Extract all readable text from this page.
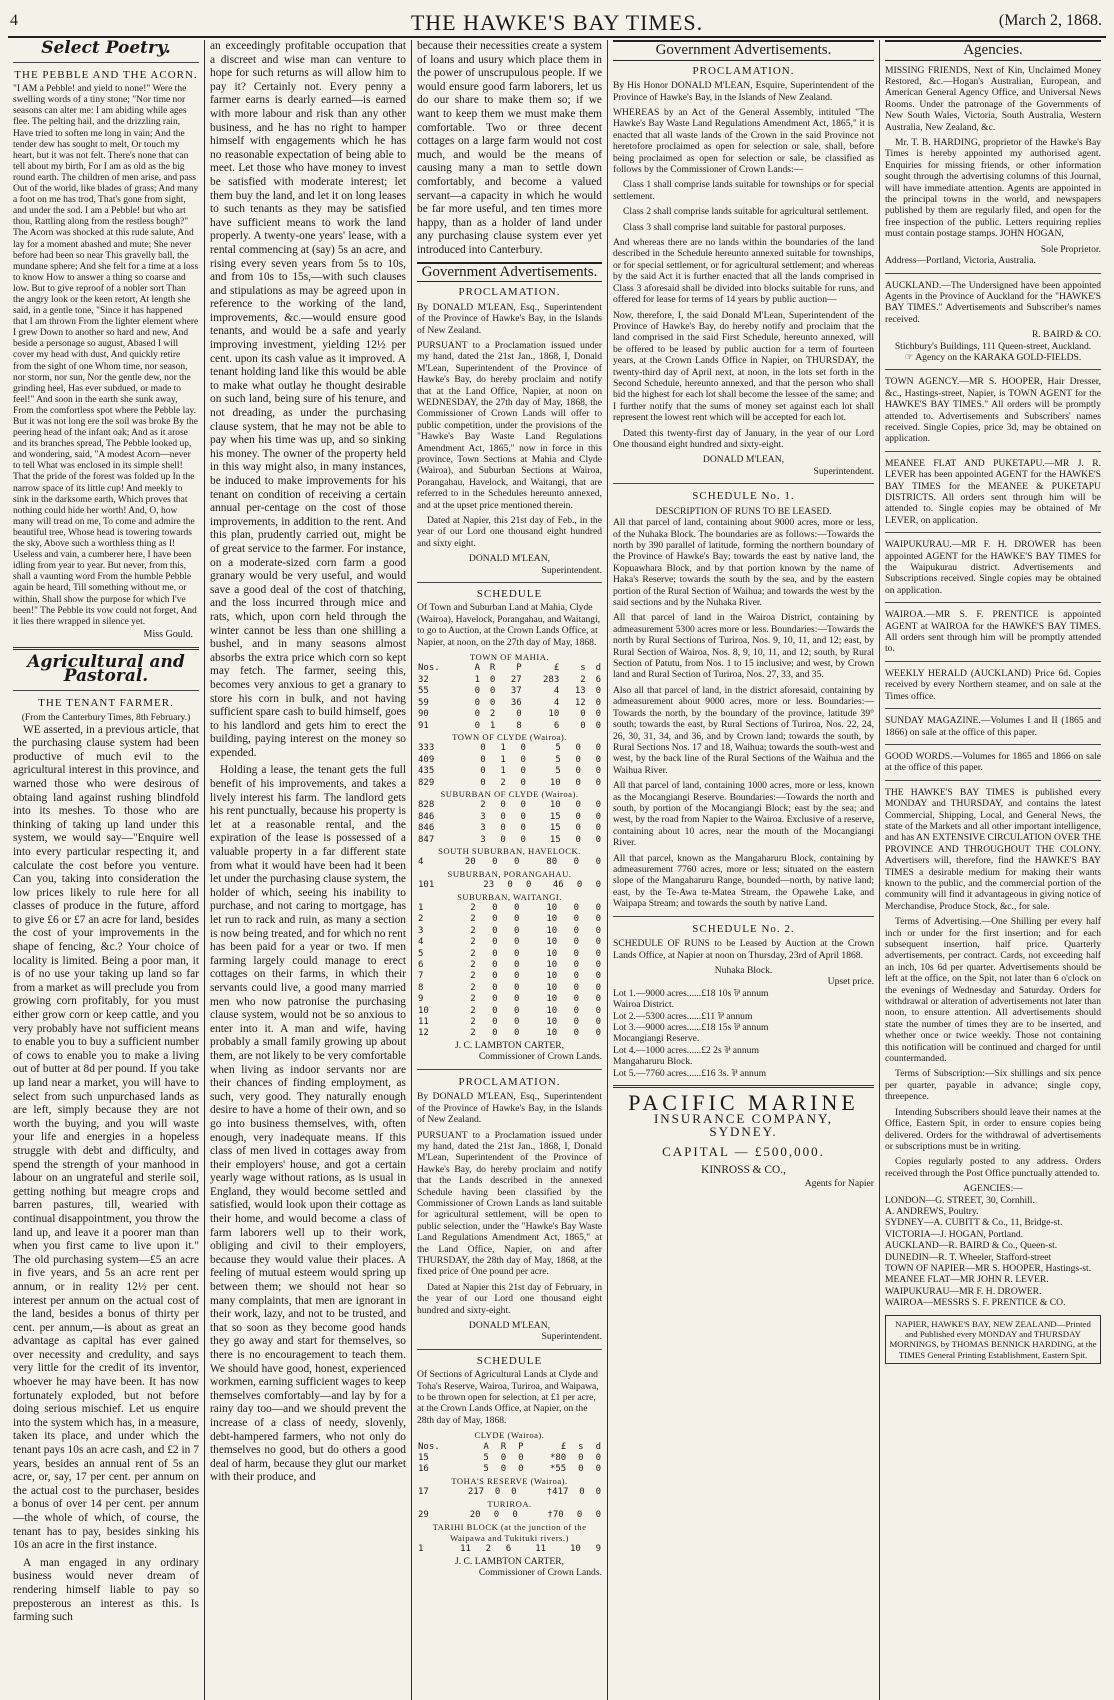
4	THE HAWKE'S BAY TIMES.	(March 2, 1868.
Select Poetry.
THE PEBBLE AND THE ACORN.
"I AM a Pebble! and yield to none!" Were the swelling words of a tiny stone; "Nor time nor seasons can alter me: I am abiding while ages flee. The pelting hail, and the drizzling rain, Have tried to soften me long in vain; And the tender dew has sought to melt, Or touch my heart, but it was not felt. There's none that can tell about my birth, For I am as old as the big round earth. The children of men arise, and pass Out of the world, like blades of grass; And many a foot on me has trod, That's gone from sight, and under the sod. I am a Pebble! but who art thou, Rattling along from the restless bough?" The Acorn was shocked at this rude salute, And lay for a moment abashed and mute; She never before had been so near This gravelly ball, the mundane sphere; And she felt for a time at a loss to know How to answer a thing so coarse and low. But to give reproof of a nobler sort Than the angry look or the keen retort, At length she said, in a gentle tone, "Since it has happened that I am thrown From the lighter element where I grew Down to another so hard and new, And beside a personage so august, Abased I will cover my head with dust, And quickly retire from the sight of one Whom time, nor season, nor storm, nor sun, Nor the gentle dew, nor the grinding heel, Has ever subdued, or made to feel!" And soon in the earth she sunk away, From the comfortless spot where the Pebble lay. But it was not long ere the soil was broke By the peering head of the infant oak; And as it arose and its branches spread, The Pebble looked up, and wondering, said, "A modest Acorn—never to tell What was enclosed in its simple shell! That the pride of the forest was folded up In the narrow space of its little cup! And meekly to sink in the darksome earth, Which proves that nothing could hide her worth! And, O, how many will tread on me, To come and admire the beautiful tree, Whose head is towering towards the sky, Above such a worthless thing as I! Useless and vain, a cumberer here, I have been idling from year to year. But never, from this, shall a vaunting word From the humble Pebble again be heard, Till something without me, or within, Shall show the purpose for which I've been!" The Pebble its vow could not forget, And it lies there wrapped in silence yet.
Miss Gould.
Agricultural and Pastoral.
THE TENANT FARMER.
(From the Canterbury Times, 8th February.)

WE asserted, in a previous article, that the purchasing clause system had been productive of much evil to the agricultural interest in this province, and warned those who were desirous of obtaing land against rushing blindfold into its meshes. To those who are thinking of taking up land under this system, we would say—"Enquire well into every particular respecting it, and calculate the cost before you venture. Can you, taking into consideration the low prices likely to rule here for all classes of produce in the future, afford to give £6 or £7 an acre for land, besides the cost of your improvements in the shape of fencing, &c.? Your choice of locality is limited. Being a poor man, it is of no use your taking up land so far from a market as will preclude you from growing corn profitably, for you must either grow corn or keep cattle, and you very probably have not sufficient means to enable you to buy a sufficient number of cows to enable you to make a living out of butter at 8d per pound. If you take up land near a market, you will have to select from such unpurchased lands as are left, simply because they are not worth the buying, and you will waste your life and energies in a hopeless struggle with debt and difficulty, and spend the strength of your manhood in labour on an ungrateful and sterile soil, getting nothing but meagre crops and barren pastures, till, wearied with continual disappointment, you throw the land up, and leave it a poorer man than when you first came to live upon it." The old purchasing system—£5 an acre in five years, and 5s an acre rent per annum, or in reality 12½ per cent. interest per annum on the actual cost of the land, besides a bonus of thirty per cent. per annum,—is about as great an advantage as capital has ever gained over necessity and credulity, and says very little for the credit of its inventor, whoever he may have been. It has now fortunately exploded, but not before doing serious mischief. Let us enquire into the system which has, in a measure, taken its place, and under which the tenant pays 10s an acre cash, and £2 in 7 years, besides an annual rent of 5s an acre, or, say, 17 per cent. per annum on the actual cost to the purchaser, besides a bonus of over 14 per cent. per annum—the whole of which, of course, the tenant has to pay, besides sinking his 10s an acre in the first instance.

A man engaged in any ordinary business would never dream of rendering himself liable to pay so preposterous an interest as this. Is farming such

an exceedingly profitable occupation that a discreet and wise man can venture to hope for such returns as will allow him to pay it? Certainly not. Every penny a farmer earns is dearly earned—is earned with more labour and risk than any other business, and he has no right to hamper himself with engagements which he has no reasonable expectation of being able to meet. Let those who have money to invest be satisfied with moderate interest; let them buy the land, and let it on long leases to such tenants as they may be satisfied have sufficient means to work the land properly. A twenty-one years' lease, with a rental commencing at (say) 5s an acre, and rising every seven years from 5s to 10s, and from 10s to 15s,—with such clauses and stipulations as may be agreed upon in reference to the working of the land, improvements, &c.—would ensure good tenants, and would be a safe and yearly improving investment, yielding 12½ per cent. upon its cash value as it improved. A tenant holding land like this would be able to make what outlay he thought desirable on such land, being sure of his tenure, and not dreading, as under the purchasing clause system, that he may not be able to pay when his time was up, and so sinking his money. The owner of the property held in this way might also, in many instances, be induced to make improvements for his tenant on condition of receiving a certain annual per-centage on the cost of those improvements, in addition to the rent. And this plan, prudently carried out, might be of great service to the farmer. For instance, on a moderate-sized corn farm a good granary would be very useful, and would save a good deal of the cost of thatching, and the loss incurred through mice and rats, which, upon corn held through the winter cannot be less than one shilling a bushel, and in many seasons almost absorbs the extra price which corn so kept may fetch. The farmer, seeing this, becomes very anxious to get a granary to store his corn in bulk, and not having sufficient spare cash to build himself, goes to his landlord and gets him to erect the building, paying interest on the money so expended.

Holding a lease, the tenant gets the full benefit of his improvements, and takes a lively interest his farm. The landlord gets his rent punctually, because his property is let at a reasonable rental, and the expiration of the lease is possessed of a valuable property in a far different state from what it would have been had it been let under the purchasing clause system, the holder of which, seeing his inability to purchase, and not caring to mortgage, has let run to rack and ruin, as many a section is now being treated, and for which no rent has been paid for a year or two. If men farming largely could manage to erect cottages on their farms, in which their servants could live, a good many married men who now patronise the purchasing clause system, would not be so anxious to enter into it. A man and wife, having probably a small family growing up about them, are not likely to be very comfortable when living as indoor servants nor are their chances of finding employment, as such, very good. They naturally enough desire to have a home of their own, and so go into business themselves, with, often enough, very inadequate means. If this class of men lived in cottages away from their employers' house, and got a certain yearly wage without rations, as is usual in England, they would become settled and satisfied, would look upon their cottage as their home, and would become a class of farm laborers well up to their work, obliging and civil to their employers, because they would value their places. A feeling of mutual esteem would spring up between them; we should not hear so many complaints, that men are ignorant in their work, lazy, and not to be trusted, and that so soon as they become good hands they go away and start for themselves, so there is no encouragement to teach them. We should have good, honest, experienced workmen, earning sufficient wages to keep themselves comfortably—and lay by for a rainy day too—and we should prevent the increase of a class of needy, slovenly, debt-hampered farmers, who not only do themselves no good, but do others a good deal of harm, because they glut our market with their produce, and

because their necessities create a system of loans and usury which place them in the power of unscrupulous people. If we would ensure good farm laborers, let us do our share to make them so; if we want to keep them we must make them comfortable. Two or three decent cottages on a large farm would not cost much, and would be the means of causing many a man to settle down comfortably, and become a valued servant—a capacity in which he would be far more useful, and ten times more happy, than as a holder of land under any purchasing clause system ever yet introduced into Canterbury.

Government Advertisements.
PROCLAMATION.

By DONALD M'LEAN, Esq., Superintendent of the Province of Hawke's Bay, in the Islands of New Zealand.

PURSUANT to a Proclamation issued under my hand, dated the 21st Jan., 1868, I, Donald M'Lean, Superintendent of the Province of Hawke's Bay, do hereby proclaim and notify that at the Land Office, Napier, at noon on WEDNESDAY, the 27th day of May, 1868, the Commissioner of Crown Lands will offer to public competition, under the provisions of the "Hawke's Bay Waste Land Regulations Amendment Act, 1865," now in force in this province, Town Sections at Mahia and Clyde (Wairoa), and Suburban Sections at Wairoa, Porangahau, Havelock, and Waitangi, that are referred to in the Schedules hereunto annexed, and at the upset price mentioned therein.

Dated at Napier, this 21st day of Feb., in the year of our Lord one thousand eight hundred and sixty eight.

DONALD M'LEAN,
Superintendent.
SCHEDULE

Of Town and Suburban Land at Mahia, Clyde (Wairoa), Havelock, Porangahau, and Waitangi, to go to Auction, at the Crown Lands Office, at Napier, at noon, on the 27th day of May, 1868.

TOWN OF MAHIA.
Nos.	A	R	P	£	s	d
32	1	0	27	283	2	6
55	0	0	37	4	13	0
59	0	0	36	4	12	0
90	0	2	0	10	0	0
91	0	1	8	6	0	0
TOWN OF CLYDE (Wairoa).
333	0	1	0	5	0	0
409	0	1	0	5	0	0
435	0	1	0	5	0	0
829	0	2	0	10	0	0
SUBURBAN OF CLYDE (Wairoa).
828	2	0	0	10	0	0
846	3	0	0	15	0	0
846	3	0	0	15	0	0
847	3	0	0	15	0	0
SOUTH SUBURBAN, HAVELOCK.
4	20	0	0	80	0	0
SUBURBAN, PORANGAHAU.
101	23	0	0	46	0	0
SUBURBAN, WAITANGI.
1	2	0	0	10	0	0
2	2	0	0	10	0	0
3	2	0	0	10	0	0
4	2	0	0	10	0	0
5	2	0	0	10	0	0
6	2	0	0	10	0	0
7	2	0	0	10	0	0
8	2	0	0	10	0	0
9	2	0	0	10	0	0
10	2	0	0	10	0	0
11	2	0	0	10	0	0
12	2	0	0	10	0	0
J. C. LAMBTON CARTER,
Commissioner of Crown Lands.
PROCLAMATION.

By DONALD M'LEAN, Esq., Superintendent of the Province of Hawke's Bay, in the Islands of New Zealand.

PURSUANT to a Proclamation issued under my hand, dated the 21st Jan., 1868, I, Donald M'Lean, Superintendent of the Province of Hawke's Bay, do hereby proclaim and notify that the Lands described in the annexed Schedule having been classified by the Commissioner of Crown Lands as land suitable for agricultural settlement, will be open to public selection, under the "Hawke's Bay Waste Land Regulations Amendment Act, 1865," at the Land Office, Napier, on and after THURSDAY, the 28th day of May, 1868, at the fixed price of One pound per acre.

Dated at Napier this 21st day of February, in the year of our Lord one thousand eight hundred and sixty-eight.

DONALD M'LEAN,
Superintendent.
SCHEDULE

Of Sections of Agricultural Lands at Clyde and Toha's Reserve, Wairoa, Turiroa, and Waipawa, to be thrown open for selection, at £1 per acre, at the Crown Lands Office, at Napier, on the 28th day of May, 1868.

CLYDE (Wairoa).
Nos.	A	R	P	£	s	d
15	5	0	0	*80	0	0
16	5	0	0	*55	0	0
TOHA'S RESERVE (Wairoa).
17	217	0	0	†417	0	0
TURIROA.
29	20	0	0	†70	0	0
TARIHI BLOCK (at the junction of the Waipawa and Tukituki rivers.)
1	11	2	6	11	10	9
J. C. LAMBTON CARTER,
Commissioner of Crown Lands.
Government Advertisements.
PROCLAMATION.

By His Honor DONALD M'LEAN, Esquire, Superintendent of the Province of Hawke's Bay, in the Islands of New Zealand.

WHEREAS by an Act of the General Assembly, intituled "The Hawke's Bay Waste Land Regulations Amendment Act, 1865," it is enacted that all waste lands of the Crown in the said Province not heretofore proclaimed as open for selection or sale, shall, before being proclaimed as open for selection or sale, be classified as follows by the Commissioner of Crown Lands:—

Class 1 shall comprise lands suitable for townships or for special settlement.

Class 2 shall comprise lands suitable for agricultural settlement.

Class 3 shall comprise land suitable for pastoral purposes.

And whereas there are no lands within the boundaries of the land described in the Schedule hereunto annexed suitable for townships, or for special settlement, or for agricultural settlement; and whereas by the said Act it is further enacted that all the lands comprised in Class 3 aforesaid shall be divided into blocks suitable for runs, and offered for lease for terms of 14 years by public auction—

Now, therefore, I, the said Donald M'Lean, Superintendent of the Province of Hawke's Bay, do hereby notify and proclaim that the land comprised in the said First Schedule, hereunto annexed, will be offered to be leased by public auction for a term of fourteen years, at the Crown Lands Office in Napier, on THURSDAY, the twenty-third day of April next, at noon, in the lots set forth in the Second Schedule, hereunto annexed, and that the person who shall bid the highest for each lot shall become the lessee of the same; and I further notify that the sums of money set against each lot shall represent the lowest rent which will be accepted for each lot.

Dated this twenty-first day of January, in the year of our Lord One thousand eight hundred and sixty-eight.

DONALD M'LEAN,
Superintendent.
SCHEDULE No. 1.
DESCRIPTION OF RUNS TO BE LEASED.

All that parcel of land, containing about 9000 acres, more or less, of the Nuhaka Block. The boundaries are as follows:—Towards the north by 390 parallel of latitude, forming the northern boundary of the Province of Hawke's Bay; towards the east by native land, the Kopuawhara Block, and by that portion known by the name of Haka's Reserve; towards the south by the sea, and by the eastern portion of the Rural Section of Waihua; and towards the west by the said sections and by the Nuhaka River.

All that parcel of land in the Wairoa District, containing by admeasurement 5300 acres more or less. Boundaries:—Towards the north by Rural Sections of Turiroa, Nos. 9, 10, 11, and 12; east, by Rural Section of Wairoa, Nos. 8, 9, 10, 11, and 12; south, by Rural Section of Patutu, from Nos. 1 to 15 inclusive; and west, by Crown land and Rural Section of Turiroa, Nos. 27, 33, and 35.

Also all that parcel of land, in the district aforesaid, containing by admeasurement about 9000 acres, more or less. Boundaries:—Towards the north, by the boundary of the province, latitude 39° south; towards the east, by Rural Sections of Turiroa, Nos. 22, 24, 26, 30, 31, 34, and 36, and by Crown land; towards the south, by Rural Sections Nos. 17 and 18, Waihua; towards the south-west and west, by the back line of the Rural Sections of the Waihua and the Waihua River.

All that parcel of land, containing 1000 acres, more or less, known as the Mocangiangi Reserve. Boundaries:—Towards the north and south, by portion of the Mocangiangi Block; east by the sea; and west, by the road from Napier to the Wairoa. Exclusive of a reserve, containing about 10 acres, near the mouth of the Mocangiangi River.

All that parcel, known as the Mangaharuru Block, containing by admeasurement 7760 acres, more or less; situated on the eastern slope of the Mangaharuru Range, bounded—north, by native land; east, by the Te-Awa te-Matea Stream, the Opawehe Lake, and Waipapa Stream; and towards the south by native Land.

SCHEDULE No. 2.

SCHEDULE OF RUNS to be Leased by Auction at the Crown Lands Office, at Napier at noon on Thursday, 23rd of April 1868.

Nuhaka Block.
Upset price.
Lot 1.—9000 acres......£18 10s ⅌ annum
Wairoa District.
Lot 2.—5300 acres......£11 ⅌ annum
Lot 3.—9000 acres......£18 15s ⅌ annum
Mocangiangi Reserve.
Lot 4.—1000 acres......£2 2s ⅌ annum
Mangaharuru Block.
Lot 5.—7760 acres......£16 3s. ⅌ annum
PACIFIC MARINE
INSURANCE COMPANY,
SYDNEY.
CAPITAL — £500,000.
KINROSS & CO.,
Agents for Napier
Agencies.

MISSING FRIENDS, Next of Kin, Unclaimed Money Restored, &c.—Hogan's Australian, European, and American General Agency Office, and Universal News Rooms. Under the patronage of the Governments of New South Wales, Victoria, South Australia, Western Australia, New Zealand, &c.

Mr. T. B. HARDING, proprietor of the Hawke's Bay Times is hereby appointed my authorised agent. Enquiries for missing friends, or other information sought through the advertising columns of this Journal, will have immediate attention. Agents are appointed in the principal towns in the world, and newspapers published by them are regularly filed, and open for the free inspection of the public. Letters requiring replies must contain postage stamps. JOHN HOGAN,

Sole Proprietor.
Address—Portland, Victoria, Australia.

AUCKLAND.—The Undersigned have been appointed Agents in the Province of Auckland for the "HAWKE'S BAY TIMES." Advertisements and Subscriber's names received.

R. BAIRD & CO.
Stichbury's Buildings, 111 Queen-street, Auckland.
☞ Agency on the KARAKA GOLD-FIELDS.

TOWN AGENCY.—MR S. HOOPER, Hair Dresser, &c., Hastings-street, Napier, is TOWN AGENT for the HAWKE'S BAY TIMES." All orders will be promptly attended to. Advertisements and Subscribers' names received. Single Copies, price 3d, may be obtained on application.

MEANEE FLAT AND PUKETAPU.—MR J. R. LEVER has been appointed AGENT for the HAWKE'S BAY TIMES for the MEANEE & PUKETAPU DISTRICTS. All orders sent through him will be attended to. Single copies may be obtained of Mr LEVER, on application.

WAIPUKURAU.—MR F. H. DROWER has been appointed AGENT for the HAWKE'S BAY TIMES for the Waipukurau district. Advertisements and Subscriptions received. Single copies may be obtained on application.

WAIROA.—MR S. F. PRENTICE is appointed AGENT at WAIROA for the HAWKE'S BAY TIMES. All orders sent through him will be promptly attended to.

WEEKLY HERALD (AUCKLAND) Price 6d. Copies received by every Northern steamer, and on sale at the Times office.

SUNDAY MAGAZINE.—Volumes I and II (1865 and 1866) on sale at the office of this paper.

GOOD WORDS.—Volumes for 1865 and 1866 on sale at the office of this paper.

THE HAWKE'S BAY TIMES is published every MONDAY and THURSDAY, and contains the latest Commercial, Shipping, Local, and General News, the state of the Markets and all other important intelligence, and has AN EXTENSIVE CIRCULATION OVER THE PROVINCE AND THROUGHOUT THE COLONY. Advertisers will, therefore, find the HAWKE'S BAY TIMES a desirable medium for making their wants known to the public, and the commercial portion of the community will find it advantageous in giving notice of Merchandise, Produce Stock, &c., for sale.

Terms of Advertising.—One Shilling per every half inch or under for the first insertion; and for each subsequent insertion, half price. Quarterly advertisements, per contract. Cards, not exceeding half an inch, 10s 6d per quarter. Advertisements should be left at the office, on the Spit, not later than 6 o'clock on the evenings of Wednesday and Saturday. Orders for withdrawal or alteration of advertisements not later than noon, to ensure attention. All advertisements should state the number of times they are to be inserted, and whether once or twice weekly. Those not containing this notification will be continued and charged for until countermanded.

Terms of Subscription:—Six shillings and six pence per quarter, payable in advance; single copy, threepence.

Intending Subscribers should leave their names at the Office, Eastern Spit, in order to ensure copies being delivered. Orders for the withdrawal of advertisements or subscriptions must be in writing.

Copies regularly posted to any address. Orders received through the Post Office punctually attended to.

AGENCIES:—
LONDON—G. STREET, 30, Cornhill.
A. ANDREWS, Poultry.
SYDNEY—A. CUBITT & Co., 11, Bridge-st.
VICTORIA—J. HOGAN, Portland.
AUCKLAND—R. BAIRD & Co., Queen-st.
DUNEDIN—R. T. Wheeler, Stafford-street
TOWN OF NAPIER—MR S. HOOPER, Hastings-st.
MEANEE FLAT—MR JOHN R. LEVER.
WAIPUKURAU—MR F. H. DROWER.
WAIROA—MESSRS S. F. PRENTICE & CO.
NAPIER, HAWKE'S BAY, NEW ZEALAND—Printed and Published every MONDAY and THURSDAY MORNINGS, by THOMAS BENNICK HARDING, at the TIMES General Printing Establishment, Eastern Spit.
